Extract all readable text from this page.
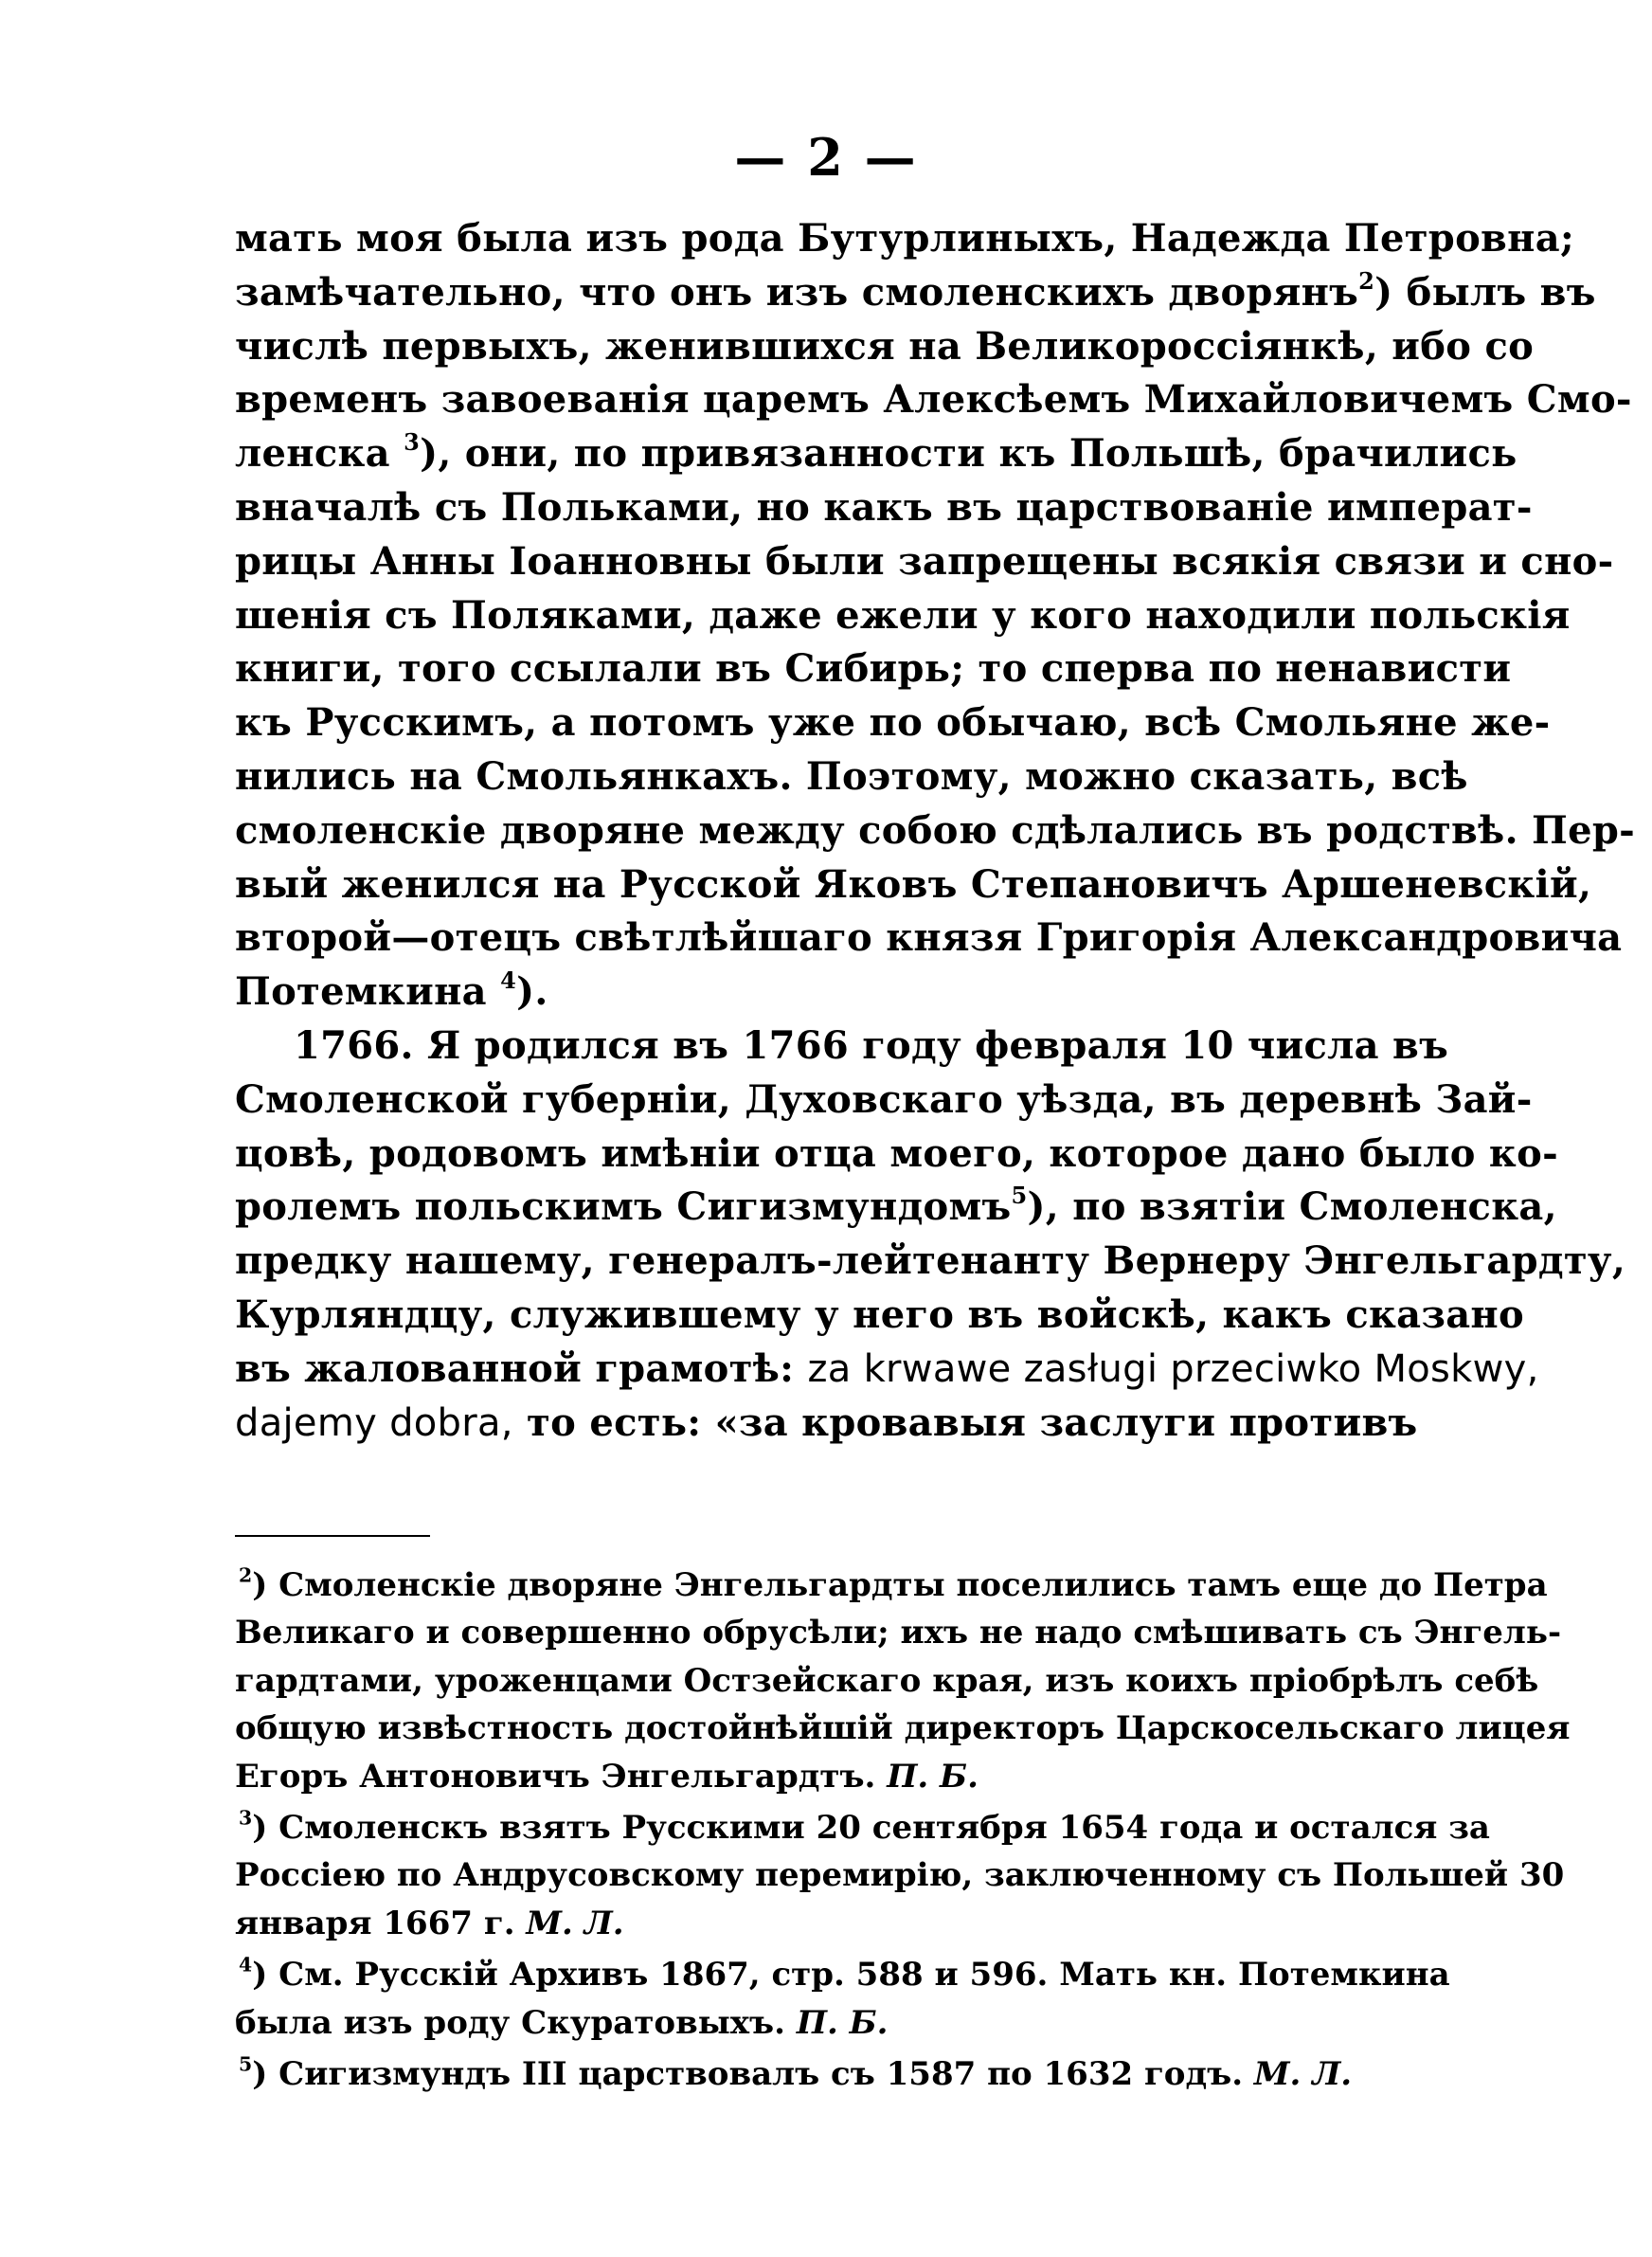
— 2 —
мать моя была изъ рода Бутурлиныхъ, Надежда Петровна;
замѣчательно, что онъ изъ смоленскихъ дворянъ$^2$) былъ въ
числѣ первыхъ, женившихся на Великороссіянкѣ, ибо со
временъ завоеванія царемъ Алексѣемъ Михайловичемъ Смо-
ленска $^3$), они, по привязанности къ Польшѣ, брачились
вначалѣ съ Польками, но какъ въ царствованіе императ-
рицы Анны Іоанновны были запрещены всякія связи и сно-
шенія съ Поляками, даже ежели у кого находили польскія
книги, того ссылали въ Сибирь; то сперва по ненависти
къ Русскимъ, а потомъ уже по обычаю, всѣ Смольяне же-
нились на Смольянкахъ. Поэтому, можно сказать, всѣ
смоленскіе дворяне между собою сдѣлались въ родствѣ. Пер-
вый женился на Русской Яковъ Степановичъ Аршеневскій,
второй—отецъ свѣтлѣйшаго князя Григорія Александровича
Потемкина $^4$).
1766. Я родился въ 1766 году февраля 10 числа въ
Смоленской губерніи, Духовскаго уѣзда, въ деревнѣ Зай-
цовѣ, родовомъ имѣніи отца моего, которое дано было ко-
ролемъ польскимъ Сигизмундомъ$^5$), по взятіи Смоленска,
предку нашему, генералъ-лейтенанту Вернеру Энгельгардту,
Курляндцу, служившему у него въ войскѣ, какъ сказано
въ жалованной грамотѣ: za krwawe zasługi przeciwko Moskwy,
dajemy dobra, то есть: «за кровавыя заслуги противъ
$^2$) Смоленскіе дворяне Энгельгардты поселились тамъ еще до Петра
Великаго и совершенно обрусѣли; ихъ не надо смѣшивать съ Энгель-
гардтами, уроженцами Остзейскаго края, изъ коихъ пріобрѣлъ себѣ
общую извѣстность достойнѣйшій директоръ Царскосельскаго лицея
Егоръ Антоновичъ Энгельгардтъ. П. Б.
$^3$) Смоленскъ взятъ Русскими 20 сентября 1654 года и остался за
Россіею по Андрусовскому перемирію, заключенному съ Польшей 30
января 1667 г. М. Л.
$^4$) См. Русскій Архивъ 1867, стр. 588 и 596. Мать кн. Потемкина
была изъ роду Скуратовыхъ. П. Б.
$^5$) Сигизмундъ III царствовалъ съ 1587 по 1632 годъ. М. Л.
